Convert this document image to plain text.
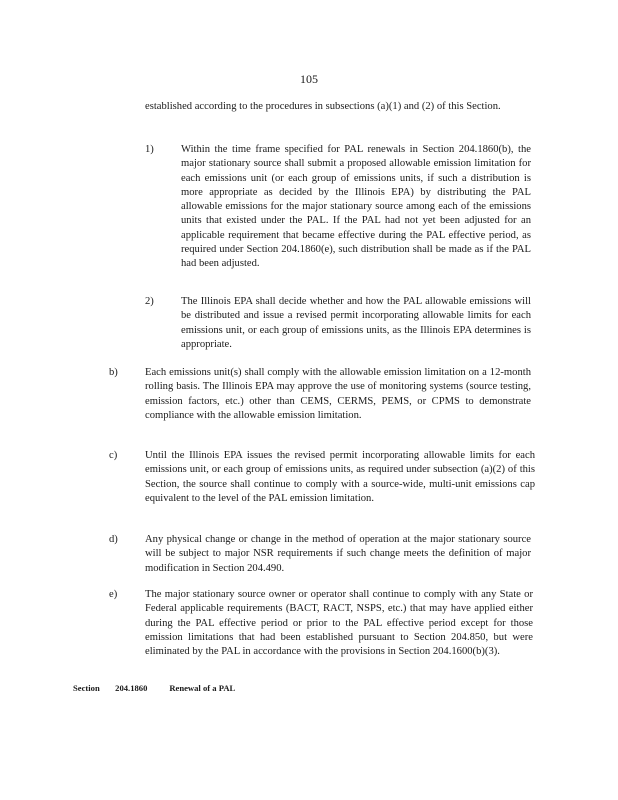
105

established according to the procedures in subsections (a)(1) and (2) of this Section.

1)	Within the time frame specified for PAL renewals in Section 204.1860(b), the major stationary source shall submit a proposed allowable emission limitation for each emissions unit (or each group of emissions units, if such a distribution is more appropriate as decided by the Illinois EPA) by distributing the PAL allowable emissions for the major stationary source among each of the emissions units that existed under the PAL. If the PAL had not yet been adjusted for an applicable requirement that became effective during the PAL effective period, as required under Section 204.1860(e), such distribution shall be made as if the PAL had been adjusted.

2)	The Illinois EPA shall decide whether and how the PAL allowable emissions will be distributed and issue a revised permit incorporating allowable limits for each emissions unit, or each group of emissions units, as the Illinois EPA determines is appropriate.

b)	Each emissions unit(s) shall comply with the allowable emission limitation on a 12-month rolling basis. The Illinois EPA may approve the use of monitoring systems (source testing, emission factors, etc.) other than CEMS, CERMS, PEMS, or CPMS to demonstrate compliance with the allowable emission limitation.

c)	Until the Illinois EPA issues the revised permit incorporating allowable limits for each emissions unit, or each group of emissions units, as required under subsection (a)(2) of this Section, the source shall continue to comply with a source-wide, multi-unit emissions cap equivalent to the level of the PAL emission limitation.

d)	Any physical change or change in the method of operation at the major stationary source will be subject to major NSR requirements if such change meets the definition of major modification in Section 204.490.

e)	The major stationary source owner or operator shall continue to comply with any State or Federal applicable requirements (BACT, RACT, NSPS, etc.) that may have applied either during the PAL effective period or prior to the PAL effective period except for those emission limitations that had been established pursuant to Section 204.850, but were eliminated by the PAL in accordance with the provisions in Section 204.1600(b)(3).

Section 204.1860	Renewal of a PAL
